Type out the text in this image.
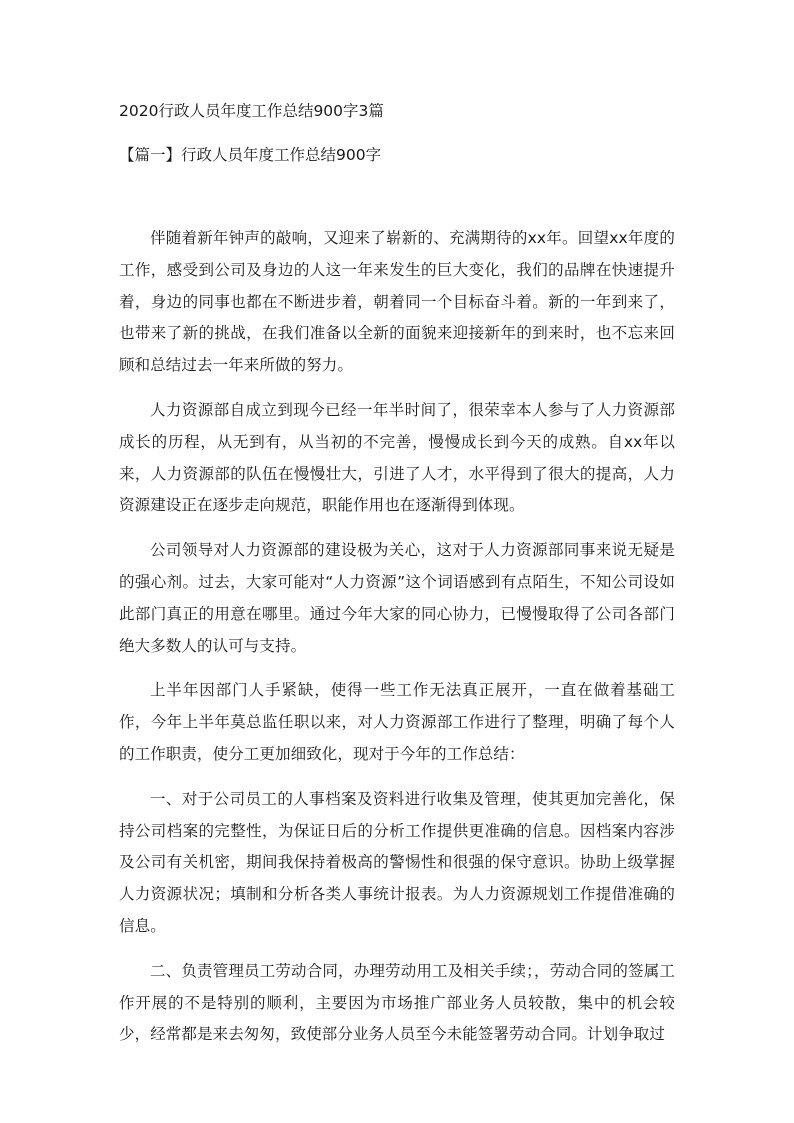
2020行政人员年度工作总结900字3篇
【篇一】行政人员年度工作总结900字

伴随着新年钟声的敲响，又迎来了崭新的、充满期待的xx年。回望xx年度的工作，感受到公司及身边的人这一年来发生的巨大变化，我们的品牌在快速提升着，身边的同事也都在不断进步着，朝着同一个目标奋斗着。新的一年到来了，也带来了新的挑战，在我们准备以全新的面貌来迎接新年的到来时，也不忘来回顾和总结过去一年来所做的努力。

人力资源部自成立到现今已经一年半时间了，很荣幸本人参与了人力资源部成长的历程，从无到有，从当初的不完善，慢慢成长到今天的成熟。自xx年以来，人力资源部的队伍在慢慢壮大，引进了人才，水平得到了很大的提高，人力资源建设正在逐步走向规范，职能作用也在逐渐得到体现。

公司领导对人力资源部的建设极为关心，这对于人力资源部同事来说无疑是的强心剂。过去，大家可能对“人力资源”这个词语感到有点陌生，不知公司设如此部门真正的用意在哪里。通过今年大家的同心协力，已慢慢取得了公司各部门绝大多数人的认可与支持。

上半年因部门人手紧缺，使得一些工作无法真正展开，一直在做着基础工作，今年上半年莫总监任职以来，对人力资源部工作进行了整理，明确了每个人的工作职责，使分工更加细致化，现对于今年的工作总结：

一、对于公司员工的人事档案及资料进行收集及管理，使其更加完善化，保持公司档案的完整性，为保证日后的分析工作提供更准确的信息。因档案内容涉及公司有关机密，期间我保持着极高的警惕性和很强的保守意识。协助上级掌握人力资源状况；填制和分析各类人事统计报表。为人力资源规划工作提借准确的信息。

二、负责管理员工劳动合同，办理劳动用工及相关手续；，劳动合同的签属工作开展的不是特别的顺利，主要因为市场推广部业务人员较散，集中的机会较少，经常都是来去匆匆，致使部分业务人员至今未能签署劳动合同。计划争取过
